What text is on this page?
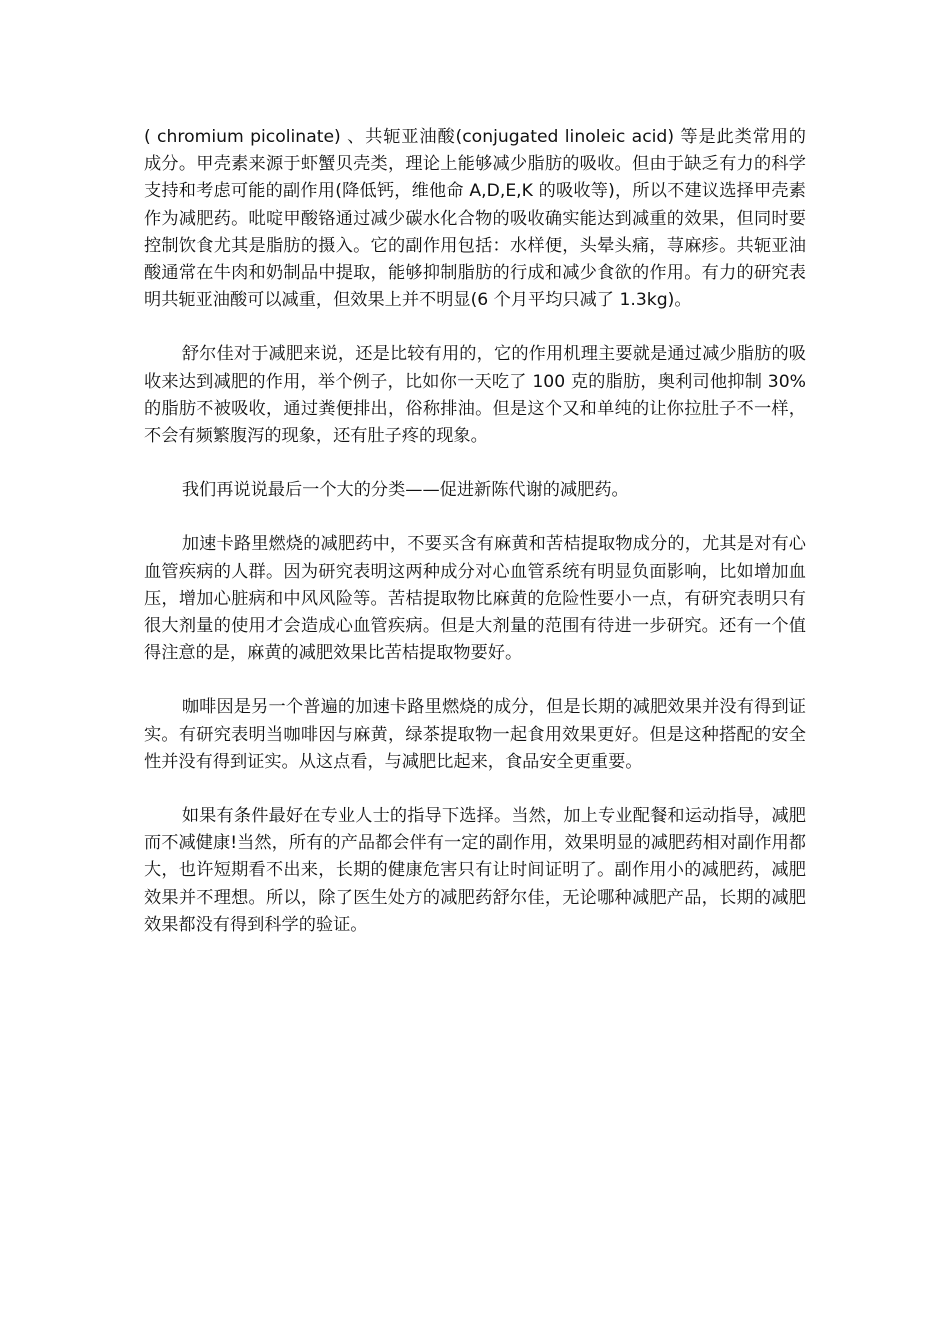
( chromium picolinate) 、共轭亚油酸(conjugated linoleic acid) 等是此类常用的成分。甲壳素来源于虾蟹贝壳类，理论上能够减少脂肪的吸收。但由于缺乏有力的科学支持和考虑可能的副作用(降低钙，维他命 A,D,E,K 的吸收等)，所以不建议选择甲壳素作为减肥药。吡啶甲酸铬通过减少碳水化合物的吸收确实能达到减重的效果，但同时要控制饮食尤其是脂肪的摄入。它的副作用包括：水样便，头晕头痛，荨麻疹。共轭亚油酸通常在牛肉和奶制品中提取，能够抑制脂肪的行成和减少食欲的作用。有力的研究表明共轭亚油酸可以减重，但效果上并不明显(6 个月平均只减了 1.3kg)。

舒尔佳对于减肥来说，还是比较有用的，它的作用机理主要就是通过减少脂肪的吸收来达到减肥的作用，举个例子，比如你一天吃了 100 克的脂肪，奥利司他抑制 30%的脂肪不被吸收，通过粪便排出，俗称排油。但是这个又和单纯的让你拉肚子不一样，不会有频繁腹泻的现象，还有肚子疼的现象。

我们再说说最后一个大的分类——促进新陈代谢的减肥药。

加速卡路里燃烧的减肥药中，不要买含有麻黄和苦桔提取物成分的，尤其是对有心血管疾病的人群。因为研究表明这两种成分对心血管系统有明显负面影响，比如增加血压，增加心脏病和中风风险等。苦桔提取物比麻黄的危险性要小一点，有研究表明只有很大剂量的使用才会造成心血管疾病。但是大剂量的范围有待进一步研究。还有一个值得注意的是，麻黄的减肥效果比苦桔提取物要好。

咖啡因是另一个普遍的加速卡路里燃烧的成分，但是长期的减肥效果并没有得到证实。有研究表明当咖啡因与麻黄，绿茶提取物一起食用效果更好。但是这种搭配的安全性并没有得到证实。从这点看，与减肥比起来，食品安全更重要。

如果有条件最好在专业人士的指导下选择。当然，加上专业配餐和运动指导，减肥而不减健康!当然，所有的产品都会伴有一定的副作用，效果明显的减肥药相对副作用都大，也许短期看不出来，长期的健康危害只有让时间证明了。副作用小的减肥药，减肥效果并不理想。所以，除了医生处方的减肥药舒尔佳，无论哪种减肥产品，长期的减肥效果都没有得到科学的验证。
